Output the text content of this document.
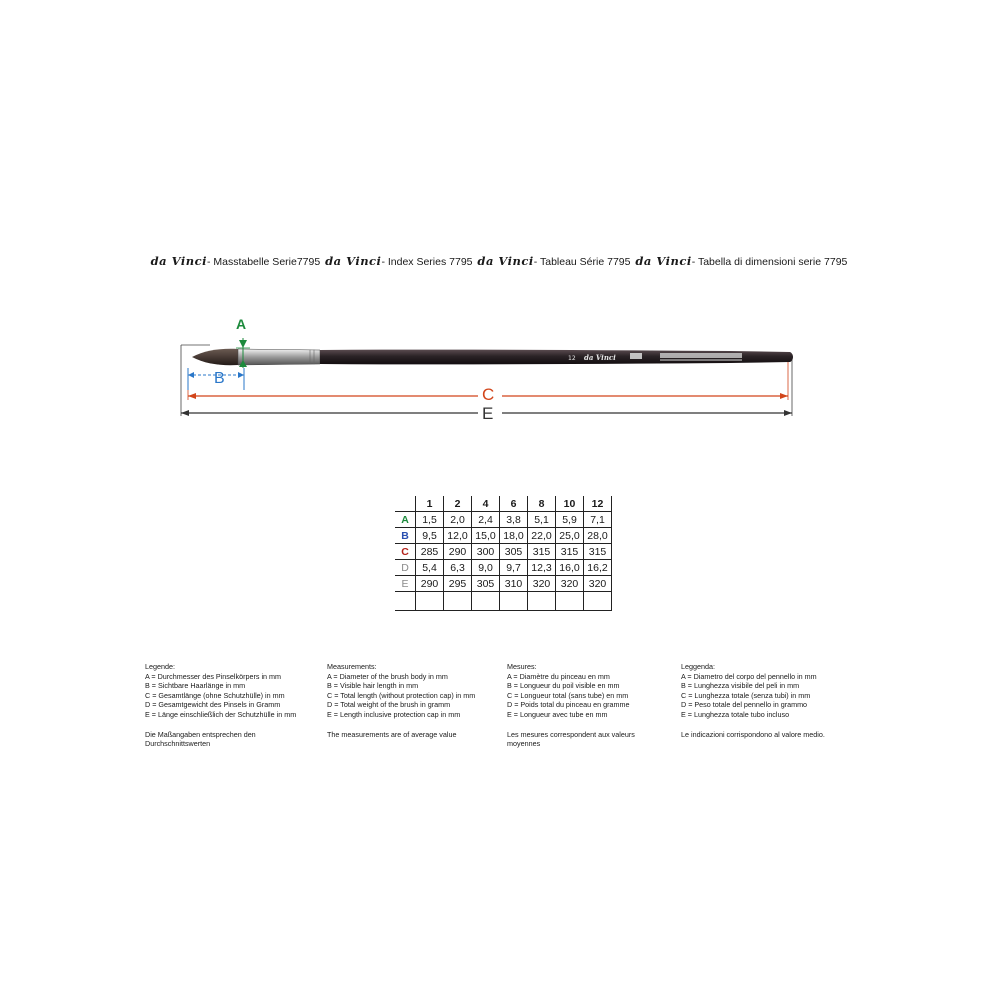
da Vinci- Masstabelle Serie7795 da Vinci- Index Series 7795 da Vinci- Tableau Série 7795 da Vinci- Tabella di dimensioni serie 7795
12 da Vinci
A
B
C
E
	1	2	4	6	8	10	12
A	1,5	2,0	2,4	3,8	5,1	5,9	7,1
B	9,5	12,0	15,0	18,0	22,0	25,0	28,0
C	285	290	300	305	315	315	315
D	5,4	6,3	9,0	9,7	12,3	16,0	16,2
E	290	295	305	310	320	320	320

Legende:
A = Durchmesser des Pinselkörpers in mm
B = Sichtbare Haarlänge in mm
C = Gesamtlänge (ohne Schutzhülle) in mm
D = Gesamtgewicht des Pinsels in Gramm
E = Länge einschließlich der Schutzhülle in mm
Die Maßangaben entsprechen den Durchschnittswerten
Measurements:
A = Diameter of the brush body in mm
B = Visible hair length in mm
C = Total length (without protection cap) in mm
D = Total weight of the brush in gramm
E = Length inclusive protection cap in mm
The measurements are of average value
Mesures:
A = Diamètre du pinceau en mm
B = Longueur du poil visible en mm
C = Longueur total (sans tube) en mm
D = Poids total du pinceau en gramme
E = Longueur avec tube en mm
Les mesures correspondent aux valeurs moyennes
Leggenda:
A = Diametro del corpo del pennello in mm
B = Lunghezza visibile del peli in mm
C = Lunghezza totale (senza tubi) in mm
D = Peso totale del pennello in grammo
E = Lunghezza totale tubo incluso
Le indicazioni corrispondono al valore medio.
